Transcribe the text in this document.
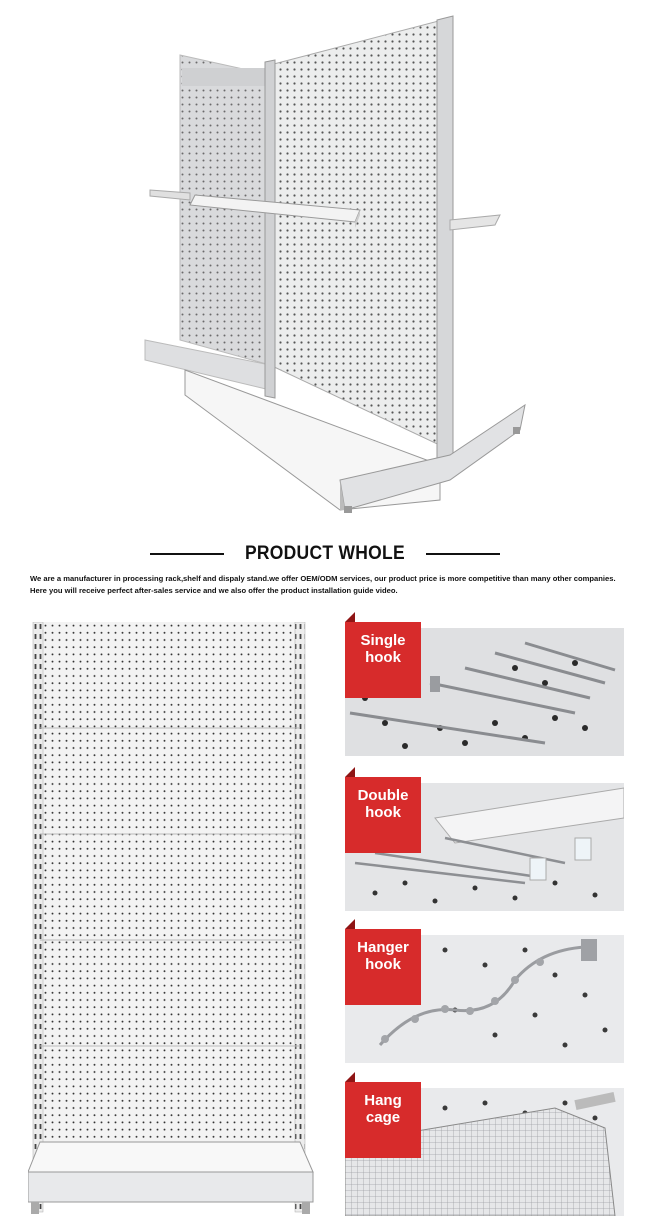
PRODUCT WHOLE

We are a manufacturer in processing rack,shelf and dispaly stand.we offer OEM/ODM services, our product price is more competitive than many other companies.

Here you will receive perfect after-sales service and we also offer the product installation guide video.

Single
hook
Double
hook
Hanger
hook
Hang
cage
